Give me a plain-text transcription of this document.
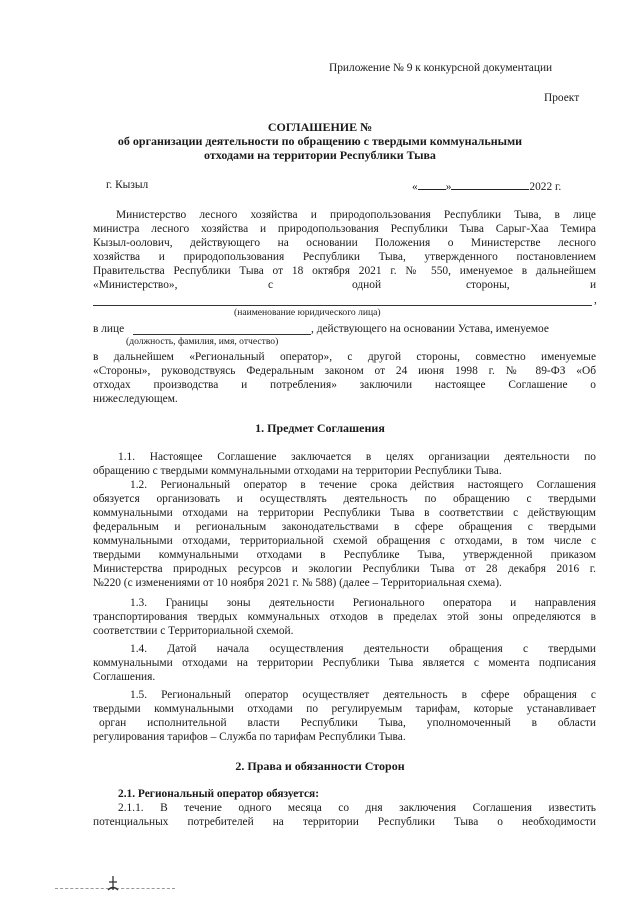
Приложение № 9 к конкурсной документации
Проект
СОГЛАШЕНИЕ №
об организации деятельности по обращению с твердыми коммунальными
отходами на территории Республики Тыва
г. Кызыл	« »	2022 г.
Министерство лесного хозяйства и природопользования Республики Тыва, в лице
министра лесного хозяйства и природопользования Республики Тыва Сарыг-Хаа Темира
Кызыл-оолович, действующего на основании Положения о Министерстве лесного
хозяйства и природопользования Республики Тыва, утвержденного постановлением
Правительства Республики Тыва от 18 октября 2021 г. № 550, именуемое в дальнейшем
«Министерство»,	с	одной	стороны,	и
,
(наименование юридического лица)
в лице	, действующего на основании Устава, именуемое
(должность, фамилия, имя, отчество)
в дальнейшем «Региональный оператор», с другой стороны, совместно именуемые
«Стороны», руководствуясь Федеральным законом от 24 июня 1998 г. № 89-ФЗ «Об
отходах производства и потребления» заключили настоящее Соглашение о
нижеследующем.
1. Предмет Соглашения
1.1. Настоящее Соглашение заключается в целях организации деятельности по
обращению с твердыми коммунальными отходами на территории Республики Тыва.
1.2. Региональный оператор в течение срока действия настоящего Соглашения
обязуется организовать и осуществлять деятельность по обращению с твердыми
коммунальными отходами на территории Республики Тыва в соответствии с действующим
федеральным и региональным законодательствами в сфере обращения с твердыми
коммунальными отходами, территориальной схемой обращения с отходами, в том числе с
твердыми коммунальными отходами в Республике Тыва, утвержденной приказом
Министерства природных ресурсов и экологии Республики Тыва от 28 декабря 2016 г.
№220 (с изменениями от 10 ноября 2021 г. № 588) (далее – Территориальная схема).
1.3. Границы зоны деятельности Регионального оператора и направления
транспортирования твердых коммунальных отходов в пределах этой зоны определяются в
соответствии с Территориальной схемой.
1.4. Датой начала осуществления деятельности обращения с твердыми
коммунальными отходами на территории Республики Тыва является с момента подписания
Соглашения.
1.5. Региональный оператор осуществляет деятельность в сфере обращения с
твердыми коммунальными отходами по регулируемым тарифам, которые устанавливает
орган исполнительной власти Республики Тыва, уполномоченный в области
регулирования тарифов – Служба по тарифам Республики Тыва.
2. Права и обязанности Сторон
2.1. Региональный оператор обязуется:
2.1.1. В течение одного месяца со дня заключения Соглашения известить
потенциальных потребителей на территории Республики Тыва о необходимости
